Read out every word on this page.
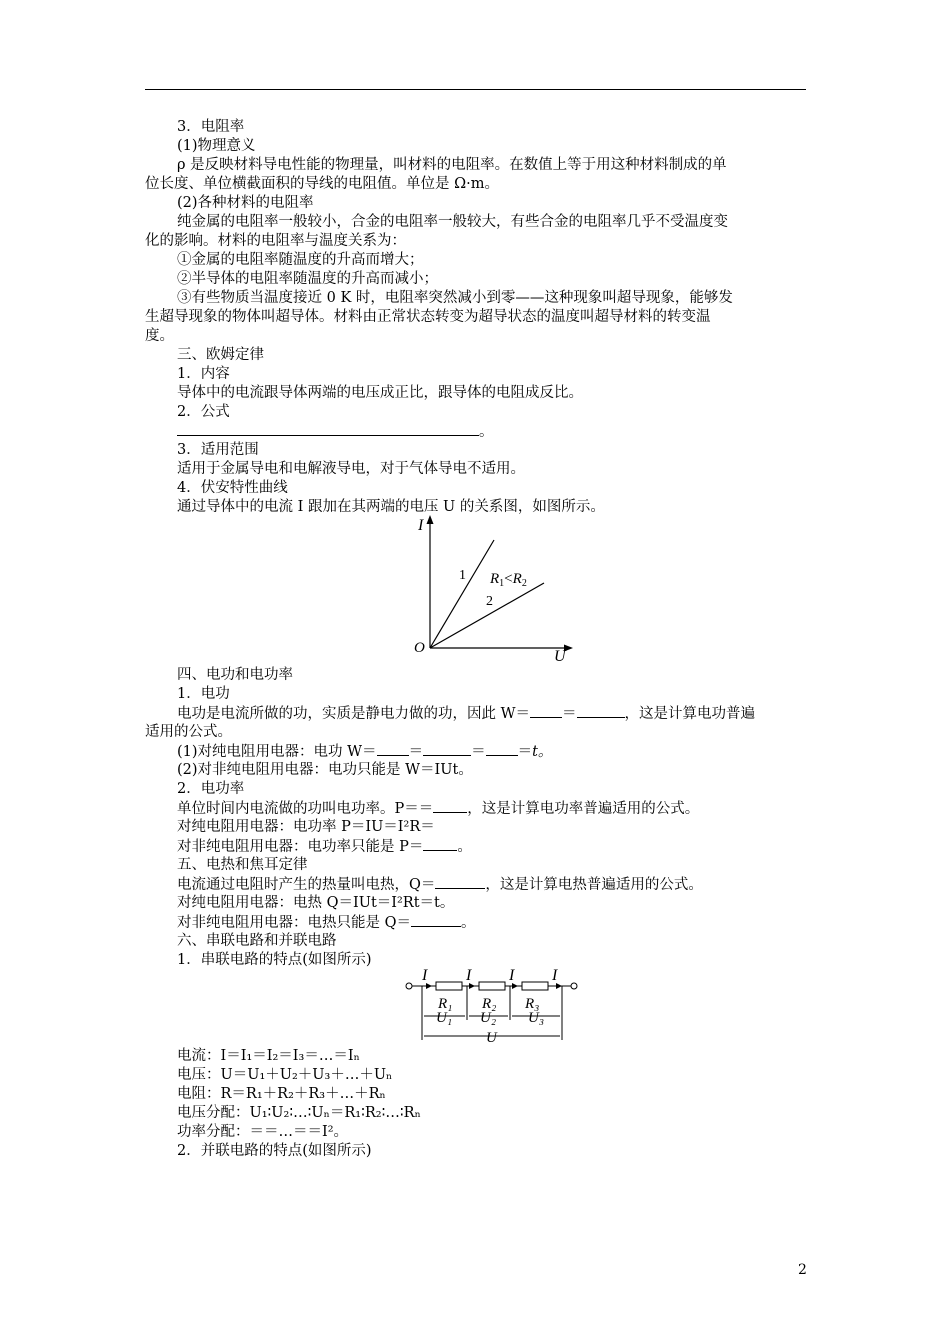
3．电阻率
(1)物理意义
ρ 是反映材料导电性能的物理量，叫材料的电阻率。在数值上等于用这种材料制成的单
位长度、单位横截面积的导线的电阻值。单位是 Ω·m。
(2)各种材料的电阻率
纯金属的电阻率一般较小，合金的电阻率一般较大，有些合金的电阻率几乎不受温度变
化的影响。材料的电阻率与温度关系为：
①金属的电阻率随温度的升高而增大；
②半导体的电阻率随温度的升高而减小；
③有些物质当温度接近 0 K 时，电阻率突然减小到零——这种现象叫超导现象，能够发
生超导现象的物体叫超导体。材料由正常状态转变为超导状态的温度叫超导材料的转变温
度。
三、欧姆定律
1．内容
导体中的电流跟导体两端的电压成正比，跟导体的电阻成反比。
2．公式
。
3．适用范围
适用于金属导电和电解液导电，对于气体导电不适用。
4．伏安特性曲线
通过导体中的电流 I 跟加在其两端的电压 U 的关系图，如图所示。
I
U
O
1
2
$R_1<R_2$
四、电功和电功率
1．电功
电功是电流所做的功，实质是静电力做的功，因此 W＝ ＝	，这是计算电功普遍
适用的公式。
(1)对纯电阻用电器：电功 W＝ ＝	＝ ＝t。
(2)对非纯电阻用电器：电功只能是 W＝IUt。
2．电功率
单位时间内电流做的功叫电功率。P＝＝ ，这是计算电功率普遍适用的公式。
对纯电阻用电器：电功率 P＝IU＝I²R＝
对非纯电阻用电器：电功率只能是 P＝ 。
五、电热和焦耳定律
电流通过电阻时产生的热量叫电热，Q＝	，这是计算电热普遍适用的公式。
对纯电阻用电器：电热 Q＝IUt＝I²Rt＝t。
对非纯电阻用电器：电热只能是 Q＝	。
六、串联电路和并联电路
1．串联电路的特点(如图所示)
I I I I
R₁ R₂ R₃
U₁ U₂ U₃
U
电流：I＝I₁＝I₂＝I₃＝…＝Iₙ
电压：U＝U₁＋U₂＋U₃＋…＋Uₙ
电阻：R＝R₁＋R₂＋R₃＋…＋Rₙ
电压分配：U₁∶U₂∶…∶Uₙ＝R₁∶R₂∶…∶Rₙ
功率分配：＝＝…＝＝I²。
2．并联电路的特点(如图所示)
2
